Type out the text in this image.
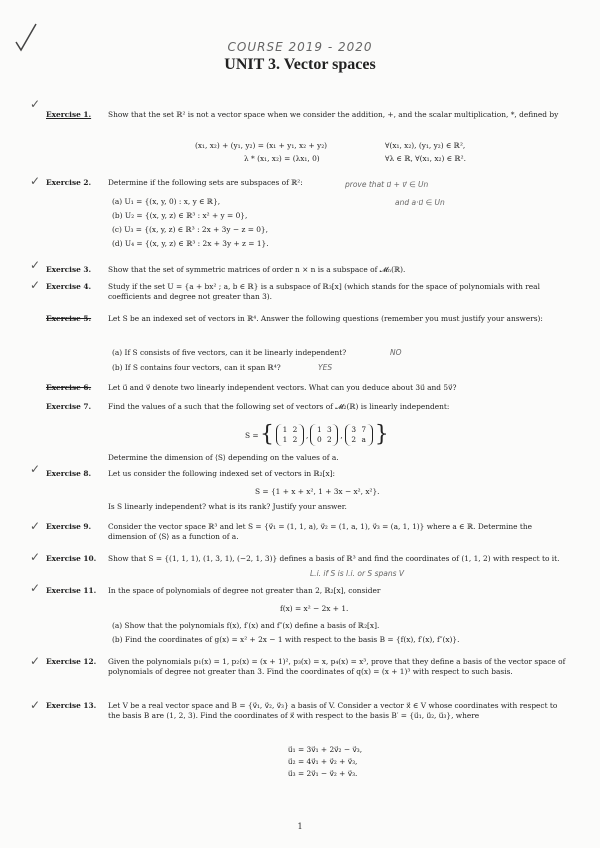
COURSE 2019 - 2020
UNIT 3. Vector spaces
✓
Exercise 1.	Show that the set ℝ² is not a vector space when we consider the addition, +, and the scalar multiplication, *, defined by
(x₁, x₂) + (y₁, y₂) = (x₁ + y₁, x₂ + y₂)	∀(x₁, x₂), (y₁, y₂) ∈ ℝ²,
λ * (x₁, x₂) = (λx₁, 0)	∀λ ∈ ℝ, ∀(x₁, x₂) ∈ ℝ².
✓ Exercise 2.	Determine if the following sets are subspaces of ℝ²:
(a) U₁ = {(x, y, 0) : x, y ∈ ℝ},
(b) U₂ = {(x, y, z) ∈ ℝ³ : x² + y = 0},
(c) U₃ = {(x, y, z) ∈ ℝ³ : 2x + 3y − z = 0},
(d) U₄ = {(x, y, z) ∈ ℝ³ : 2x + 3y + z = 1}.
prove that u⃗ + v⃗ ∈ Un
and a·u⃗ ∈ Un
✓ Exercise 3.	Show that the set of symmetric matrices of order n × n is a subspace of 𝓜ₙ(ℝ).
✓ Exercise 4.	Study if the set U = {a + bx² ; a, b ∈ ℝ} is a subspace of ℝ₃[x] (which stands for the space of polynomials with real coefficients and degree not greater than 3).
Exercise 5.	Let S be an indexed set of vectors in ℝ⁴. Answer the following questions (remember you must justify your answers):
(a) If S consists of five vectors, can it be linearly independent?	NO
(b) If S contains four vectors, can it span ℝ⁴?	YES
Exercise 6.	Let u⃗ and v⃗ denote two linearly independent vectors. What can you deduce about 3u⃗ and 5v⃗?
Exercise 7.	Find the values of a such that the following set of vectors of 𝓜₂(ℝ) is linearly independent:
S = {	1 2
1 2	,
1 3
0 2	,
3 7
2 a }
Determine the dimension of ⟨S⟩ depending on the values of a.
✓ Exercise 8.	Let us consider the following indexed set of vectors in ℝ₂[x]:
S = {1 + x + x², 1 + 3x − x², x²}.
Is S linearly independent? what is its rank? Justify your answer.
✓ Exercise 9.	Consider the vector space ℝ³ and let S = {v⃗₁ = (1, 1, a), v⃗₂ = (1, a, 1), v⃗₃ = (a, 1, 1)} where a ∈ ℝ. Determine the dimension of ⟨S⟩ as a function of a.
✓ Exercise 10.	Show that S = {(1, 1, 1), (1, 3, 1), (−2, 1, 3)} defines a basis of ℝ³ and find the coordinates of (1, 1, 2) with respect to it.
L.i. if S is l.i. or S spans V
✓ Exercise 11.	In the space of polynomials of degree not greater than 2, ℝ₂[x], consider
f(x) = x² − 2x + 1.
(a) Show that the polynomials f(x), f′(x) and f″(x) define a basis of ℝ₂[x].
(b) Find the coordinates of g(x) = x² + 2x − 1 with respect to the basis B = {f(x), f′(x), f″(x)}.
✓ Exercise 12.	Given the polynomials p₁(x) = 1, p₂(x) = (x + 1)², p₃(x) = x, p₄(x) = x³, prove that they define a basis of the vector space of polynomials of degree not greater than 3. Find the coordinates of q(x) = (x + 1)³ with respect to such basis.
✓ Exercise 13.	Let V be a real vector space and B = {v⃗₁, v⃗₂, v⃗₃} a basis of V. Consider a vector x⃗ ∈ V whose coordinates with respect to the basis B are (1, 2, 3). Find the coordinates of x⃗ with respect to the basis B′ = {u⃗₁, u⃗₂, u⃗₃}, where
u⃗₁ = 3v⃗₁ + 2v⃗₂ − v⃗₃,
u⃗₂ = 4v⃗₁ + v⃗₂ + v⃗₃,
u⃗₃ = 2v⃗₁ − v⃗₂ + v⃗₃.
1
